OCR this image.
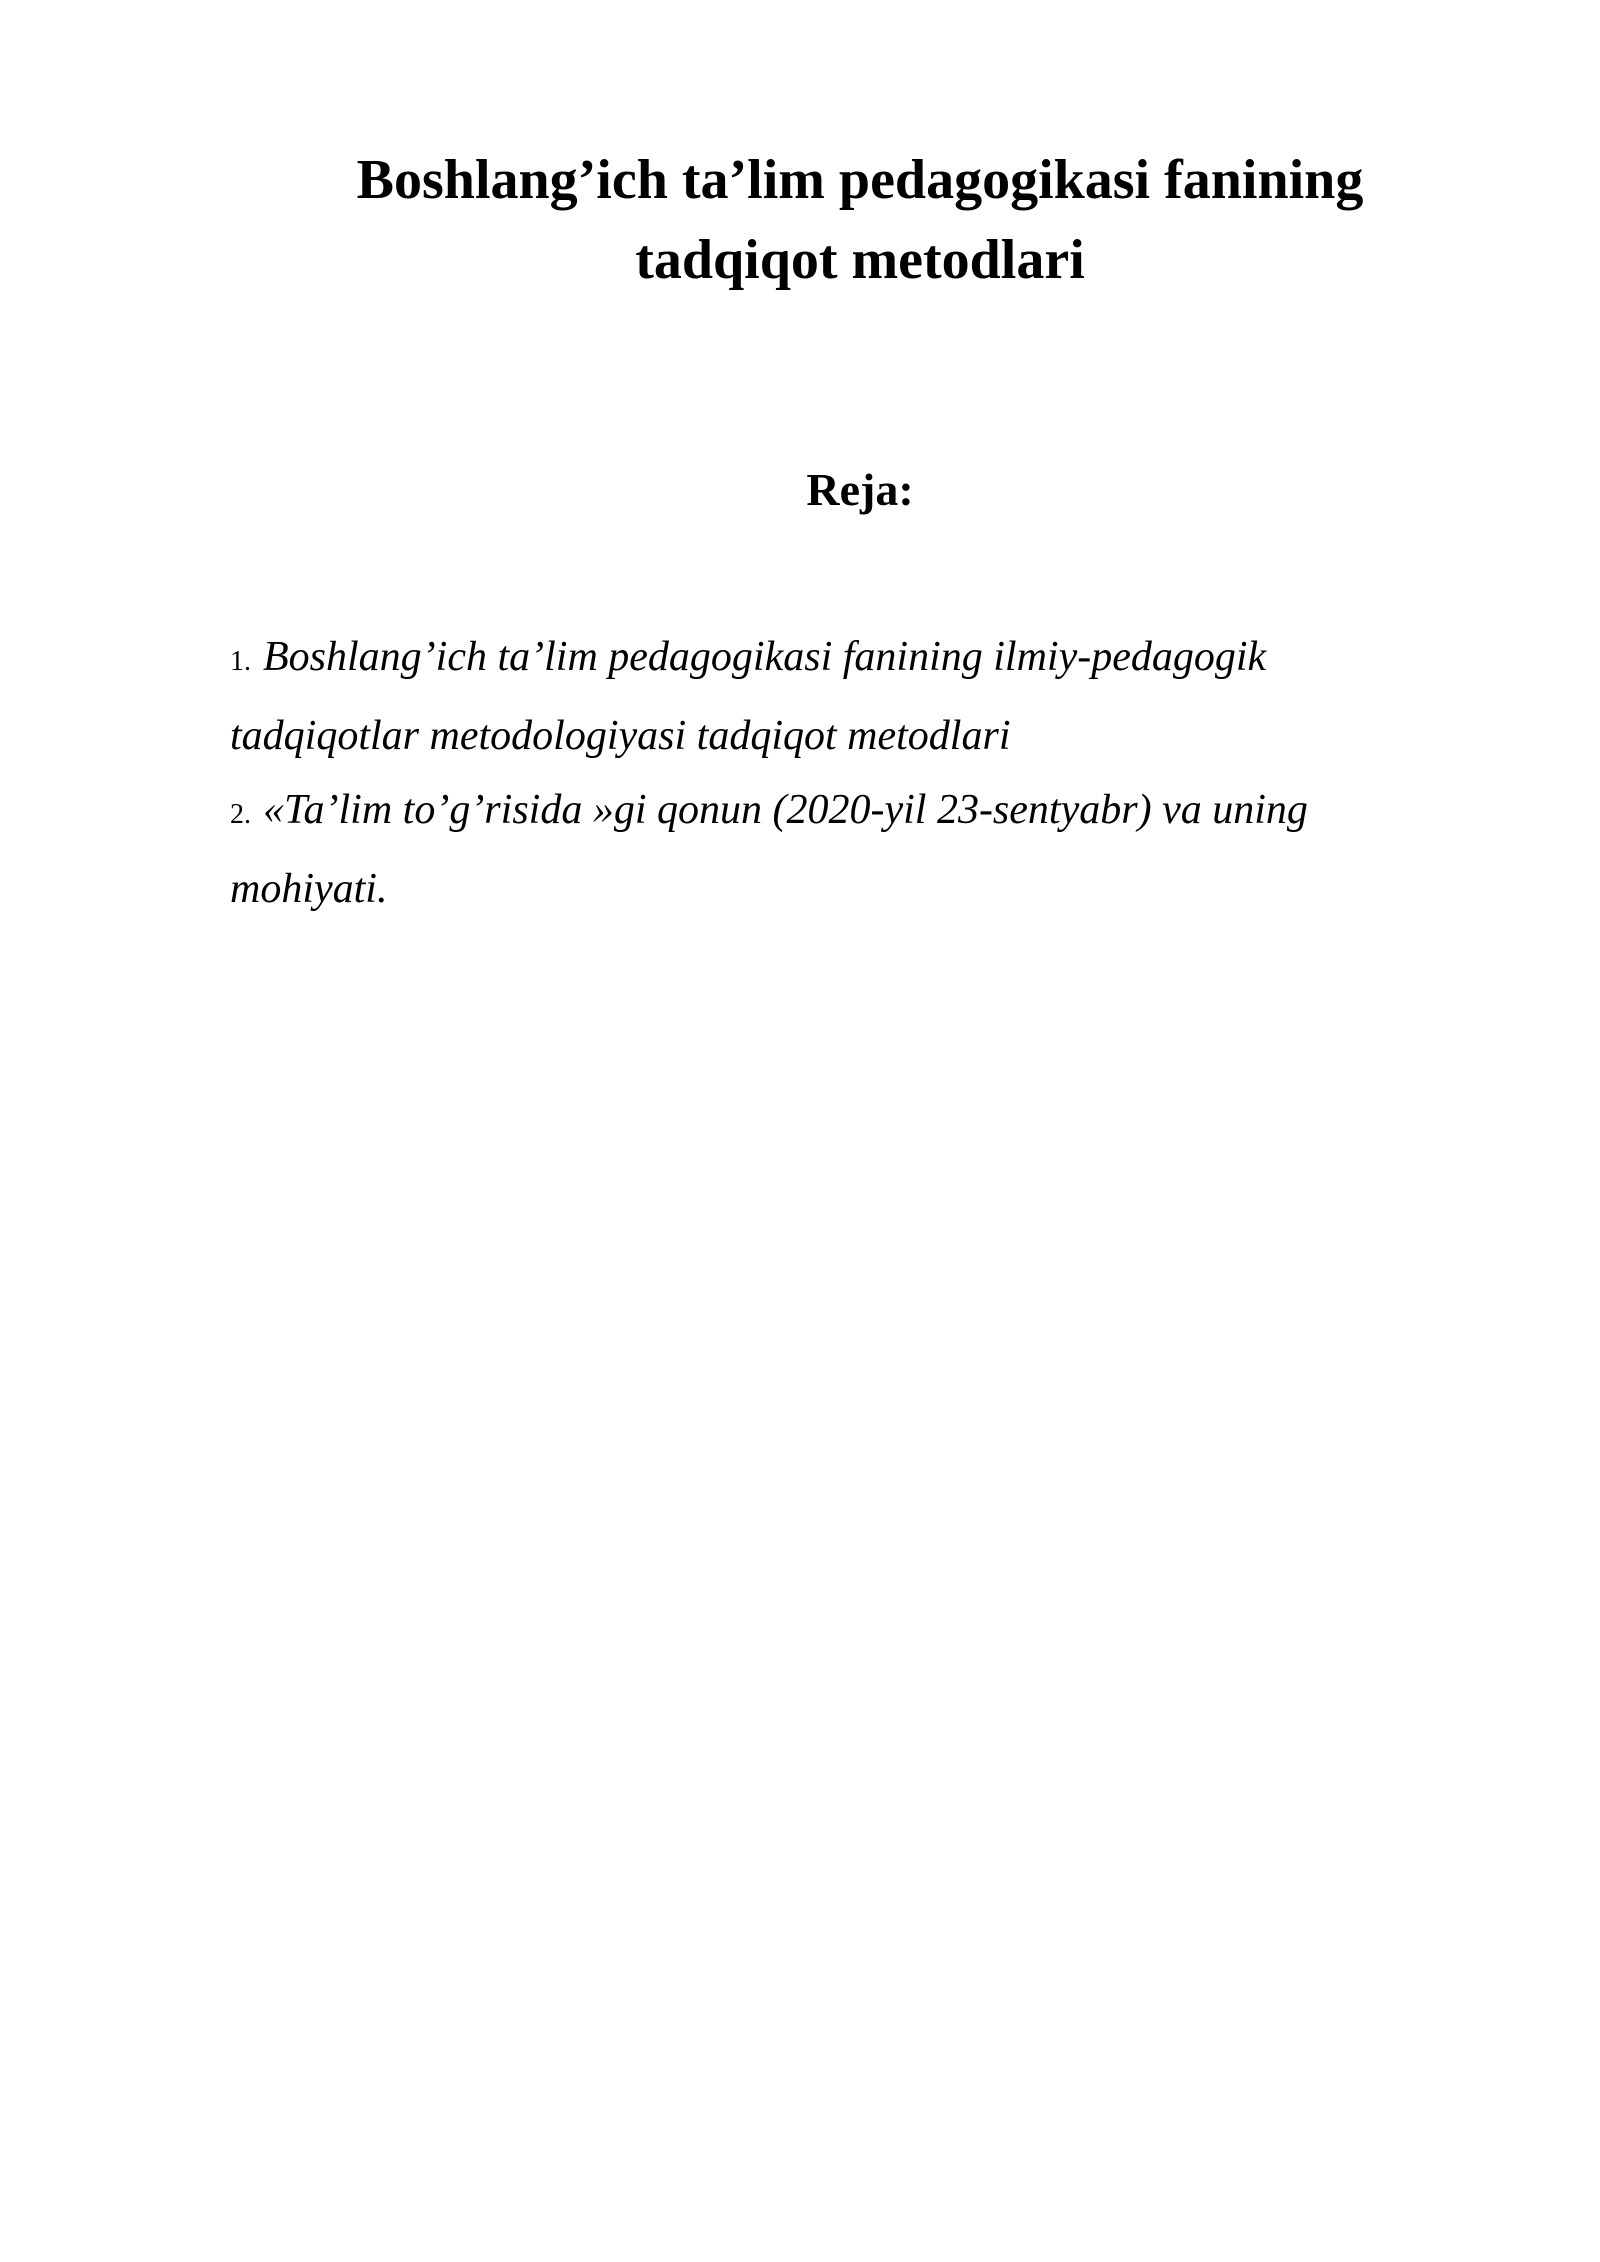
Boshlang’ich ta’lim pedagogikasi fanining
tadqiqot metodlari
Reja:
1. Boshlang’ich ta’lim pedagogikasi fanining ilmiy-pedagogik tadqiqotlar metodologiyasi tadqiqot metodlari
2. «Ta’lim to’g’risida »gi qonun (2020-yil 23-sentyabr) va uning mohiyati.
